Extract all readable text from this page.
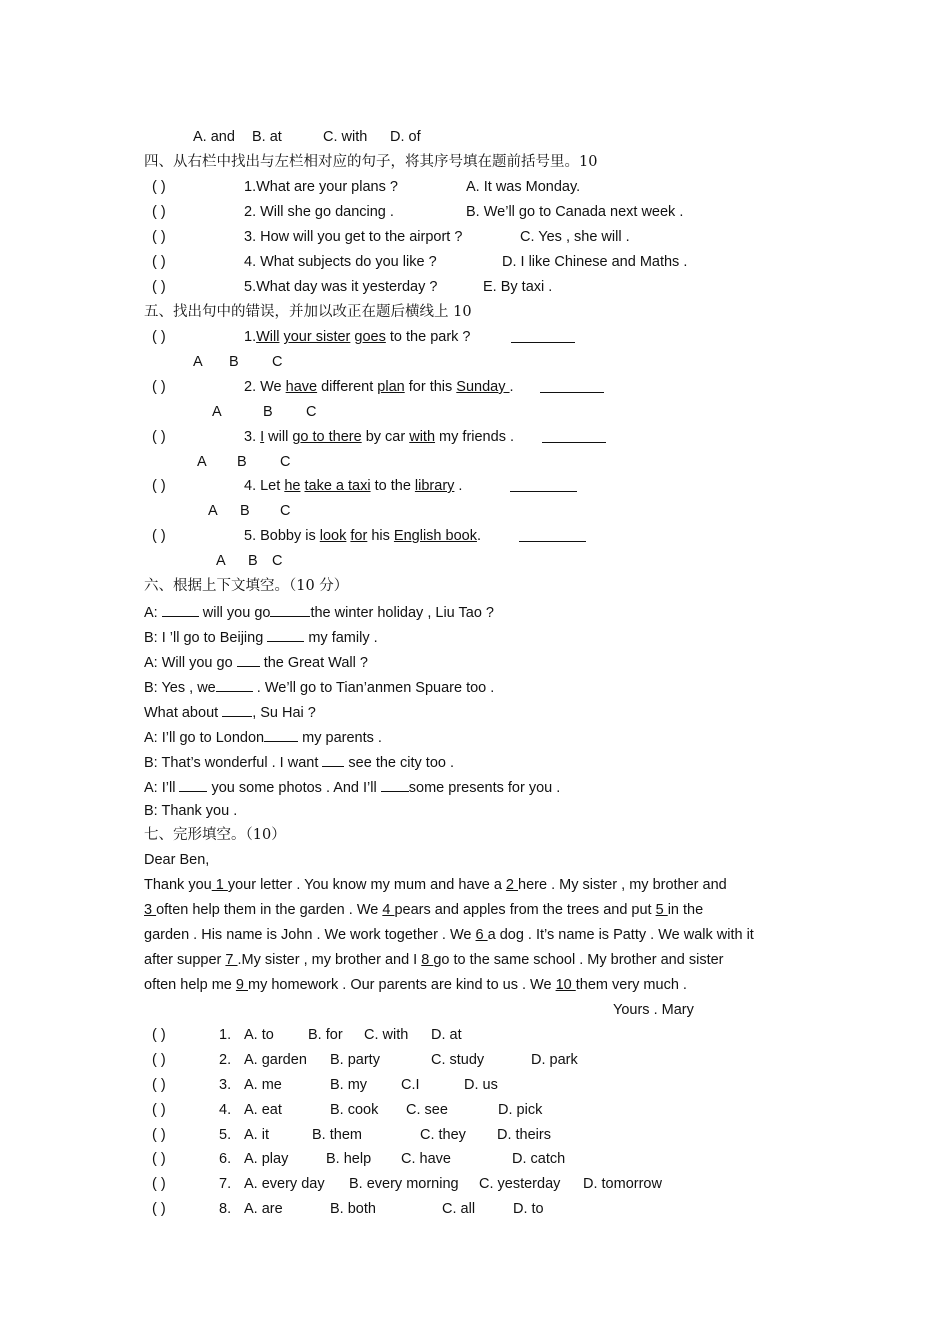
A. and B. at	C. with D. of
四、从右栏中找出与左栏相对应的句子，将其序号填在题前括号里。10
( )	1.What are your plans ?	A. It was Monday.
( )	2. Will she go dancing .	B. We’ll go to Canada next week .
( )	3. How will you get to the airport ?	C. Yes , she will .
( )	4. What subjects do you like ?	D. I like Chinese and Maths .
( )	5.What day was it yesterday ?	E. By taxi .
五、找出句中的错误，并加以改正在题后横线上 10
( )	1.Will your sister goes to the park ?
A B C
( )	2. We have different plan for this Sunday .
A	B C
( )	3. I will go to there by car with my friends .
A B C
( )	4. Let he take a taxi to the library .
A B C
( )	5. Bobby is look for his English book.
A B C
六、根据上下文填空。（10 分）
A:	will you go	the winter holiday , Liu Tao ?
B: I ’ll go to Beijing	my family .
A: Will you go  the Great Wall ?
B: Yes , we	. We’ll go to Tian’anmen Spuare too .
What about , Su Hai ?
A: I’ll go to London my parents .
B: That’s wonderful . I want  see the city too .
A: I’ll  you some photos . And I’ll some presents for you .
B: Thank you .
七、完形填空。（10）
Dear Ben,
Thank you 1 your letter . You know my mum and have a 2 here . My sister , my brother and
3 often help them in the garden . We 4 pears and apples from the trees and put 5 in the
garden . His name is John . We work together . We 6 a dog . It’s name is Patty . We walk with it
after supper 7 .My sister , my brother and I 8 go to the same school . My brother and sister
often help me 9 my homework . Our parents are kind to us . We 10 them very much .
Yours . Mary
( )	1. A. to B. for C. with D. at
( )	2. A. garden B. party	C. study	D. park
( )	3. A. me	B. my C.I	D. us
( )	4. A. eat	B. cook C. see	D. pick
( )	5. A. it	B. them	C. they D. theirs
( )	6. A. play	B. help C. have	D. catch
( )	7. A. every day B. every morning C. yesterday D. tomorrow
( )	8. A. are	B. both	C. all	D. to
